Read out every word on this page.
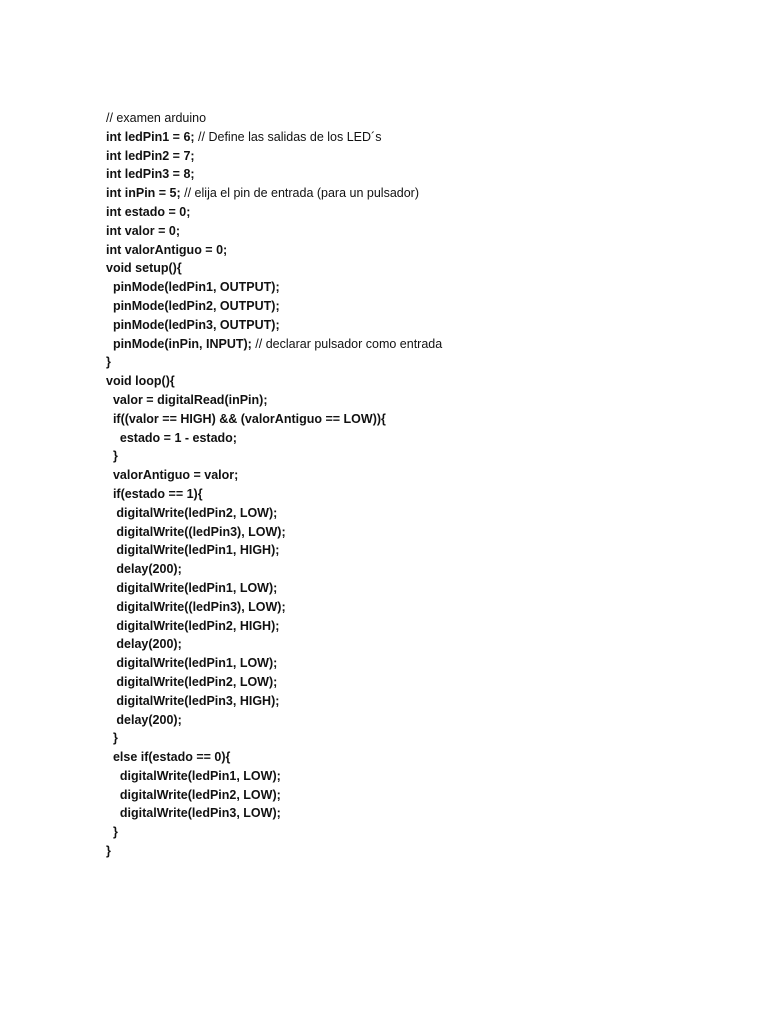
// examen arduino
int ledPin1 = 6; // Define las salidas de los LED´s
int ledPin2 = 7;
int ledPin3 = 8;
int inPin = 5; // elija el pin de entrada (para un pulsador)
int estado = 0;
int valor = 0;
int valorAntiguo = 0;
void setup(){

pinMode(ledPin1, OUTPUT);

pinMode(ledPin2, OUTPUT);

pinMode(ledPin3, OUTPUT);

pinMode(inPin, INPUT); // declarar pulsador como entrada
}
void loop(){

valor = digitalRead(inPin);

if((valor == HIGH) && (valorAntiguo == LOW)){

estado = 1 - estado;

}

valorAntiguo = valor;

if(estado == 1){

digitalWrite(ledPin2, LOW);

digitalWrite((ledPin3), LOW);

digitalWrite(ledPin1, HIGH);

delay(200);

digitalWrite(ledPin1, LOW);

digitalWrite((ledPin3), LOW);

digitalWrite(ledPin2, HIGH);

delay(200);

digitalWrite(ledPin1, LOW);

digitalWrite(ledPin2, LOW);

digitalWrite(ledPin3, HIGH);

delay(200);

}

else if(estado == 0){

digitalWrite(ledPin1, LOW);

digitalWrite(ledPin2, LOW);

digitalWrite(ledPin3, LOW);

}
}
